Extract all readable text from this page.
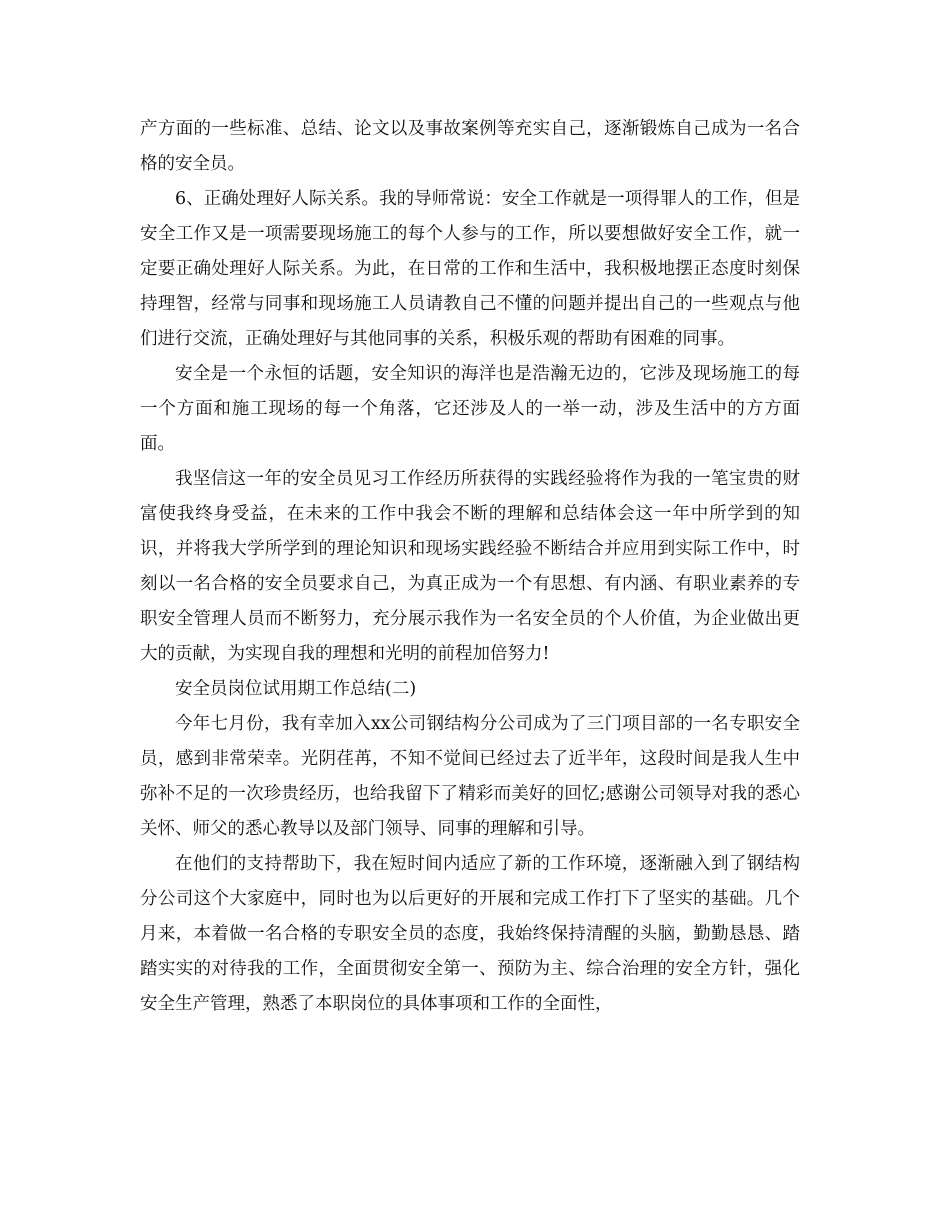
产方面的一些标准、总结、论文以及事故案例等充实自己，逐渐锻炼自己成为一名合格的安全员。

6、正确处理好人际关系。我的导师常说：安全工作就是一项得罪人的工作，但是安全工作又是一项需要现场施工的每个人参与的工作，所以要想做好安全工作，就一定要正确处理好人际关系。为此，在日常的工作和生活中，我积极地摆正态度时刻保持理智，经常与同事和现场施工人员请教自己不懂的问题并提出自己的一些观点与他们进行交流，正确处理好与其他同事的关系，积极乐观的帮助有困难的同事。

安全是一个永恒的话题，安全知识的海洋也是浩瀚无边的，它涉及现场施工的每一个方面和施工现场的每一个角落，它还涉及人的一举一动，涉及生活中的方方面面。

我坚信这一年的安全员见习工作经历所获得的实践经验将作为我的一笔宝贵的财富使我终身受益，在未来的工作中我会不断的理解和总结体会这一年中所学到的知识，并将我大学所学到的理论知识和现场实践经验不断结合并应用到实际工作中，时刻以一名合格的安全员要求自己，为真正成为一个有思想、有内涵、有职业素养的专职安全管理人员而不断努力，充分展示我作为一名安全员的个人价值，为企业做出更大的贡献，为实现自我的理想和光明的前程加倍努力!

安全员岗位试用期工作总结(二)

今年七月份，我有幸加入xx公司钢结构分公司成为了三门项目部的一名专职安全员，感到非常荣幸。光阴荏苒，不知不觉间已经过去了近半年，这段时间是我人生中弥补不足的一次珍贵经历，也给我留下了精彩而美好的回忆;感谢公司领导对我的悉心关怀、师父的悉心教导以及部门领导、同事的理解和引导。

在他们的支持帮助下，我在短时间内适应了新的工作环境，逐渐融入到了钢结构分公司这个大家庭中，同时也为以后更好的开展和完成工作打下了坚实的基础。几个月来，本着做一名合格的专职安全员的态度，我始终保持清醒的头脑，勤勤恳恳、踏踏实实的对待我的工作，全面贯彻安全第一、预防为主、综合治理的安全方针，强化安全生产管理，熟悉了本职岗位的具体事项和工作的全面性，
